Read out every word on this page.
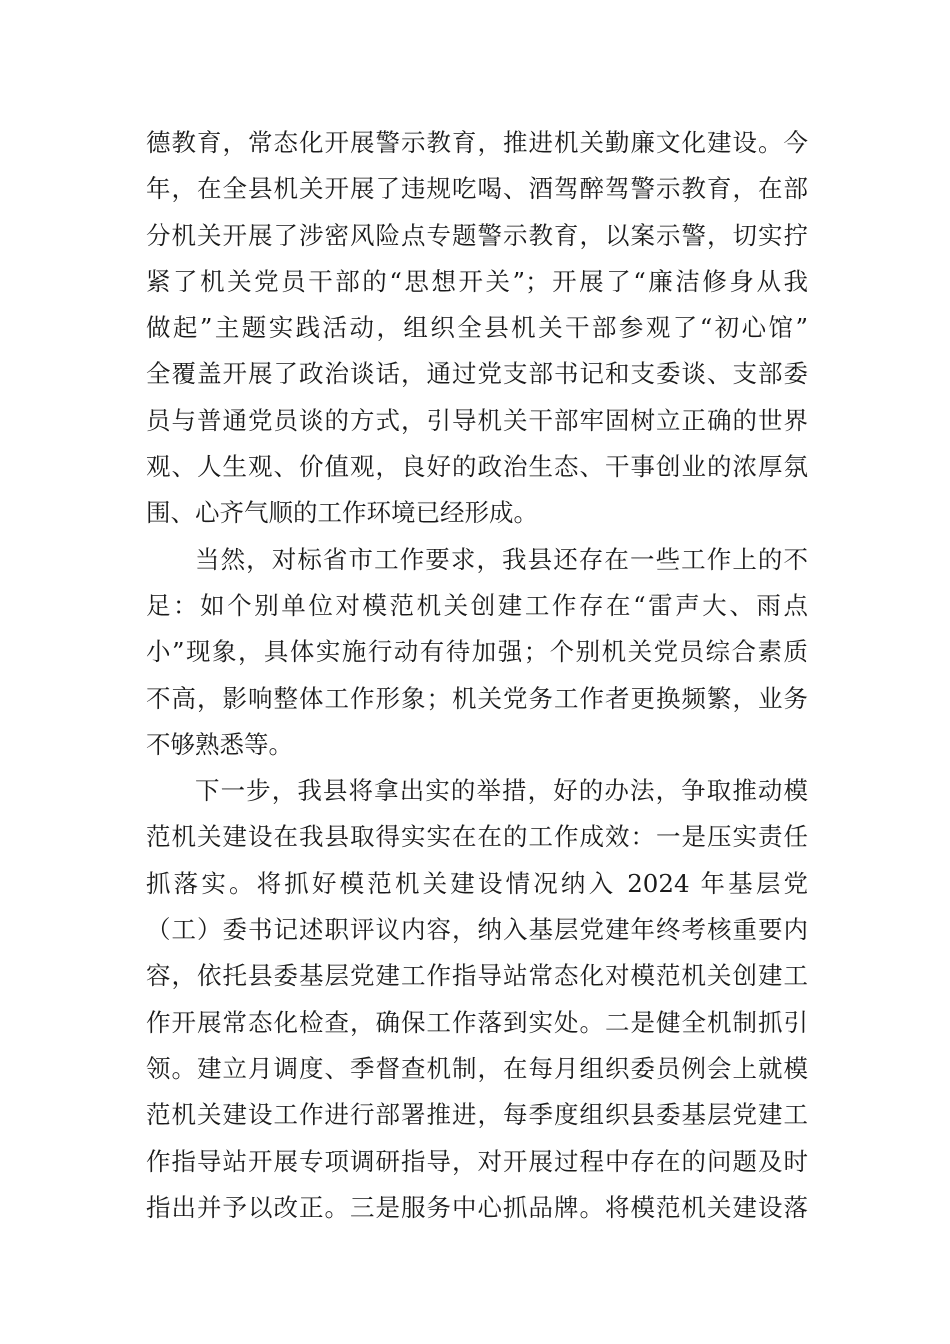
德教育，常态化开展警示教育，推进机关勤廉文化建设。今
年，在全县机关开展了违规吃喝、酒驾醉驾警示教育，在部
分机关开展了涉密风险点专题警示教育，以案示警，切实拧
紧了机关党员干部的“思想开关”；开展了“廉洁修身从我
做起”主题实践活动，组织全县机关干部参观了“初心馆”
全覆盖开展了政治谈话，通过党支部书记和支委谈、支部委
员与普通党员谈的方式，引导机关干部牢固树立正确的世界
观、人生观、价值观，良好的政治生态、干事创业的浓厚氛
围、心齐气顺的工作环境已经形成。
当然，对标省市工作要求，我县还存在一些工作上的不
足：如个别单位对模范机关创建工作存在“雷声大、雨点
小”现象，具体实施行动有待加强；个别机关党员综合素质
不高，影响整体工作形象；机关党务工作者更换频繁，业务
不够熟悉等。
下一步，我县将拿出实的举措，好的办法，争取推动模
范机关建设在我县取得实实在在的工作成效：一是压实责任
抓落实。将抓好模范机关建设情况纳入 2024 年基层党
（工）委书记述职评议内容，纳入基层党建年终考核重要内
容，依托县委基层党建工作指导站常态化对模范机关创建工
作开展常态化检查，确保工作落到实处。二是健全机制抓引
领。建立月调度、季督查机制，在每月组织委员例会上就模
范机关建设工作进行部署推进，每季度组织县委基层党建工
作指导站开展专项调研指导，对开展过程中存在的问题及时
指出并予以改正。三是服务中心抓品牌。将模范机关建设落
